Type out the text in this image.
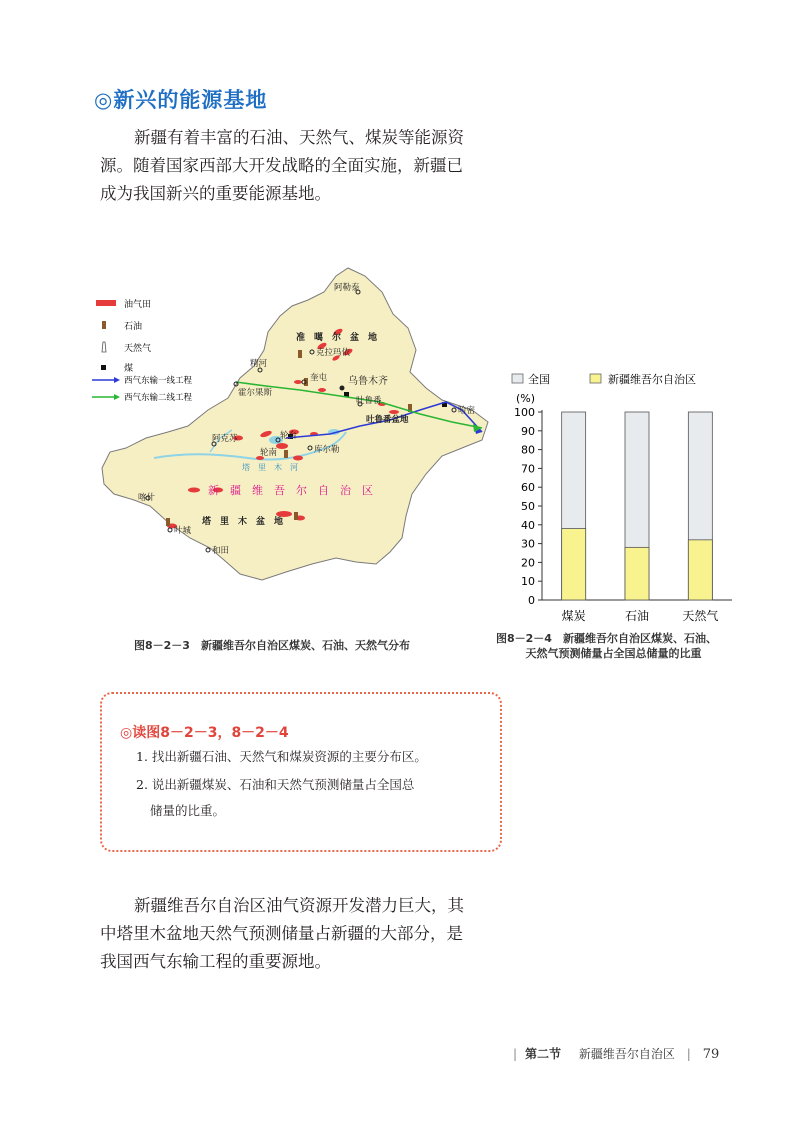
◎新兴的能源基地

新疆有着丰富的石油、天然气、煤炭等能源资
源。随着国家西部大开发战略的全面实施，新疆已
成为我国新兴的重要能源基地。

油气田
石油
天然气
煤
西气东输一线工程
西气东输二线工程
阿勒泰
准　噶　尔　盆　地
克拉玛依
精河
奎屯 乌鲁木齐
霍尔果斯
吐鲁番
吐鲁番盆地
哈密
阿克苏	轮台
轮南	库尔勒
塔　里　木　河
新　疆　维　吾　尔　自　治　区
喀什
塔　里　木　盆　地
叶城
和田
图8－2－3　新疆维吾尔自治区煤炭、石油、天然气分布
全国	新疆维吾尔自治区
(%)
0
10
20
30
40
50
60
70
80
90
100
煤炭	石油	天然气
图8－2－4　新疆维吾尔自治区煤炭、石油、
天然气预测储量占全国总储量的比重
◎读图8－2－3，8－2－4
1. 找出新疆石油、天然气和煤炭资源的主要分布区。
2. 说出新疆煤炭、石油和天然气预测储量占全国总
储量的比重。

新疆维吾尔自治区油气资源开发潜力巨大，其
中塔里木盆地天然气预测储量占新疆的大部分，是
我国西气东输工程的重要源地。

| 第二节 新疆维吾尔自治区 | 79
